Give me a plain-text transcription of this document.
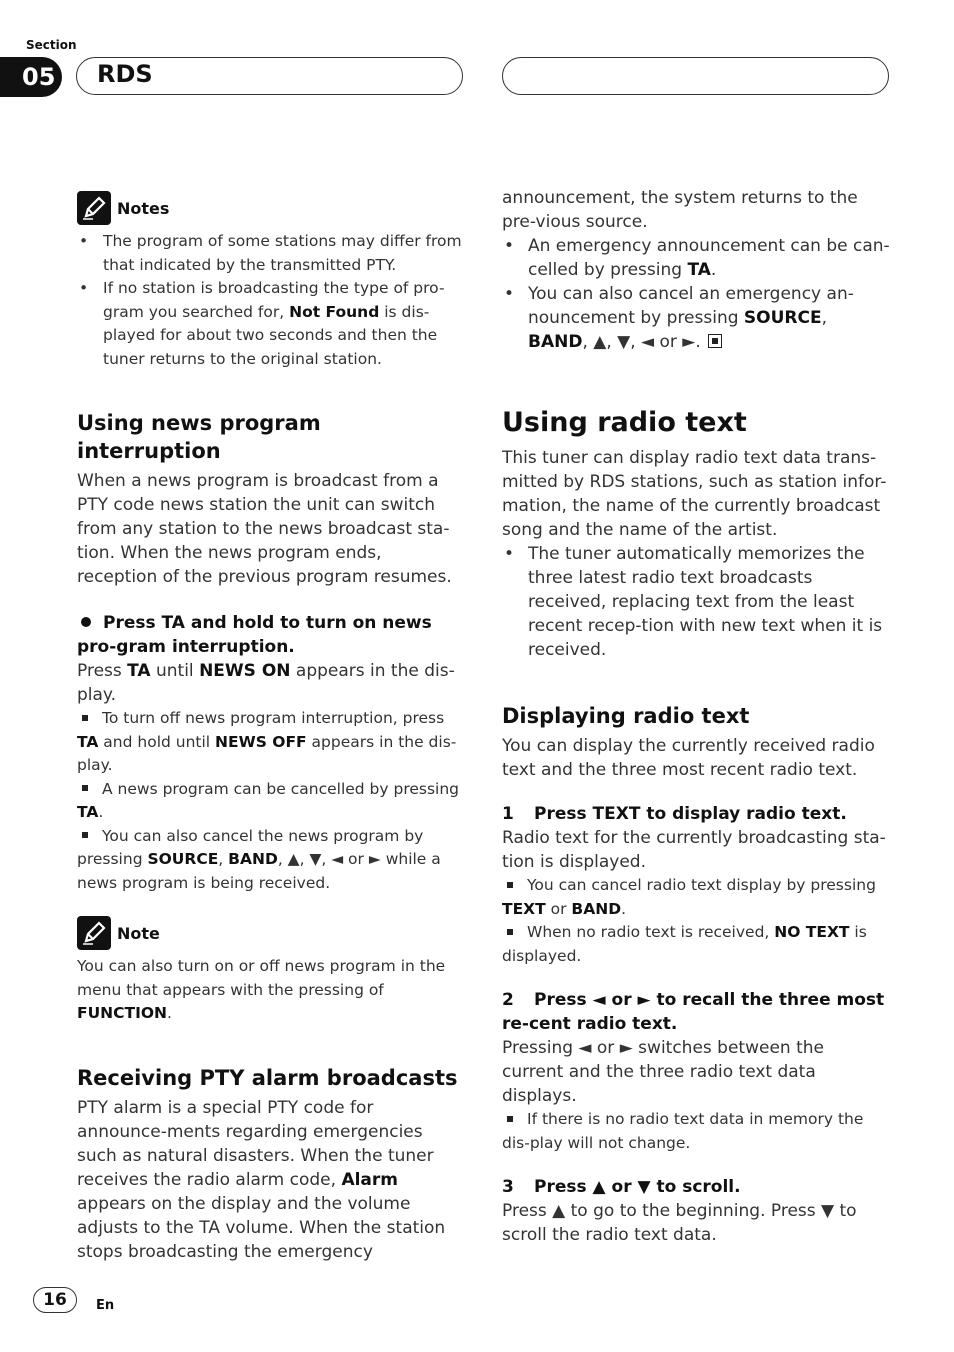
Section
05 RDS
Notes
• The program of some stations may differ from that indicated by the transmitted PTY.
• If no station is broadcasting the type of pro-gram you searched for, Not Found is dis-played for about two seconds and then the tuner returns to the original station.
Using news program interruption
When a news program is broadcast from a PTY code news station the unit can switch from any station to the news broadcast sta-tion. When the news program ends, reception of the previous program resumes.
Press TA and hold to turn on news pro-gram interruption.
Press TA until NEWS ON appears in the dis-play.
To turn off news program interruption, press TA and hold until NEWS OFF appears in the dis-play.
A news program can be cancelled by pressing TA.
You can also cancel the news program by pressing SOURCE, BAND, ▲, ▼, ◄ or ► while a news program is being received.
Note
You can also turn on or off news program in the menu that appears with the pressing of FUNCTION.
Receiving PTY alarm broadcasts
PTY alarm is a special PTY code for announce-ments regarding emergencies such as natural disasters. When the tuner receives the radio alarm code, Alarm appears on the display and the volume adjusts to the TA volume. When the station stops broadcasting the emergency
announcement, the system returns to the pre-vious source.
• An emergency announcement can be can-celled by pressing TA.
• You can also cancel an emergency an-nouncement by pressing SOURCE, BAND, ▲, ▼, ◄ or ►.
Using radio text
This tuner can display radio text data trans-mitted by RDS stations, such as station infor-mation, the name of the currently broadcast song and the name of the artist.
• The tuner automatically memorizes the three latest radio text broadcasts received, replacing text from the least recent recep-tion with new text when it is received.
Displaying radio text
You can display the currently received radio text and the three most recent radio text.
1 Press TEXT to display radio text.
Radio text for the currently broadcasting sta-tion is displayed.
You can cancel radio text display by pressing TEXT or BAND.
When no radio text is received, NO TEXT is displayed.
2 Press ◄ or ► to recall the three most re-cent radio text.
Pressing ◄ or ► switches between the current and the three radio text data displays.
If there is no radio text data in memory the dis-play will not change.
3 Press ▲ or ▼ to scroll.
Press ▲ to go to the beginning. Press ▼ to scroll the radio text data.
16	En
